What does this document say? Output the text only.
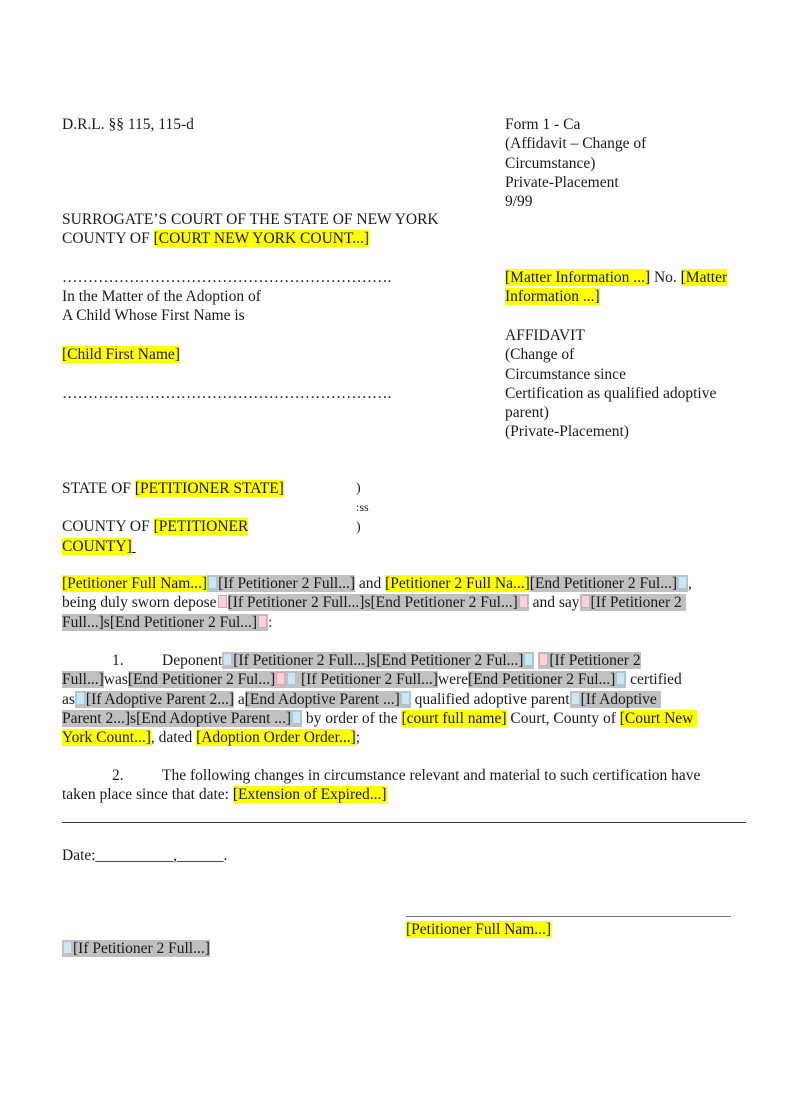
D.R.L. §§ 115, 115-d	Form 1 - Ca
(Affidavit – Change of
Circumstance)
Private-Placement
9/99
SURROGATE’S COURT OF THE STATE OF NEW YORK
COUNTY OF [COURT NEW YORK COUNT...]
……………………………………………………….
In the Matter of the Adoption of
A Child Whose First Name is
[Child First Name]
……………………………………………………….
[Matter Information ...] No. [Matter
Information ...]
AFFIDAVIT
(Change of
Circumstance since
Certification as qualified adoptive
parent)
(Private-Placement)
STATE OF [PETITIONER STATE]
COUNTY OF [PETITIONER
COUNTY]
)
:ss
)
[Petitioner Full Nam...] [If Petitioner 2 Full...] and [Petitioner 2 Full Na...][End Petitioner 2 Ful...] ,
being duly sworn depose [If Petitioner 2 Full...]s[End Petitioner 2 Ful...] and say [If Petitioner 2
Full...]s[End Petitioner 2 Ful...] :
1. Deponent [If Petitioner 2 Full...]s[End Petitioner 2 Ful...] [If Petitioner 2
Full...]was[End Petitioner 2 Ful...] [If Petitioner 2 Full...]were[End Petitioner 2 Ful...] certified
as [If Adoptive Parent 2...] a[End Adoptive Parent ...] qualified adoptive parent [If Adoptive
Parent 2...]s[End Adoptive Parent ...] by order of the [court full name] Court, County of [Court New
York Count...], dated [Adoption Order Order...];
2. The following changes in circumstance relevant and material to such certification have
taken place since that date: [Extension of Expired...]
Date:__________,______.
[Petitioner Full Nam...]
[If Petitioner 2 Full...]
